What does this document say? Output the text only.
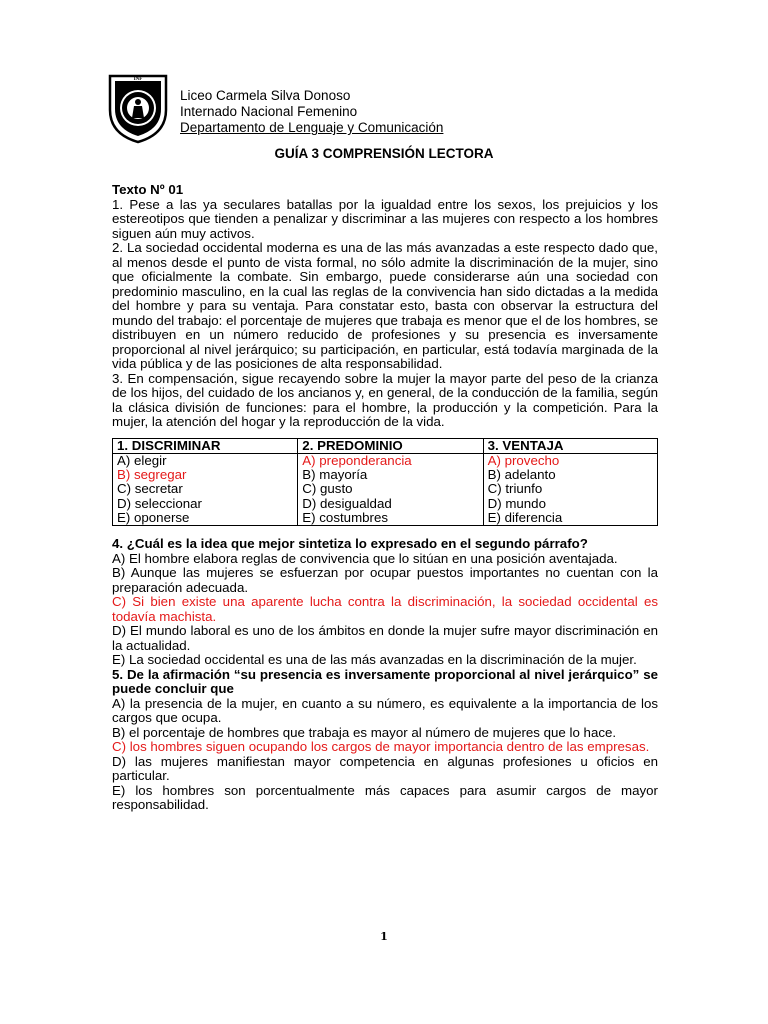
INF
Liceo Carmela Silva Donoso
Internado Nacional Femenino
Departamento de Lenguaje y Comunicación
GUÍA 3 COMPRENSIÓN LECTORA

Texto Nº 01

1. Pese a las ya seculares batallas por la igualdad entre los sexos, los prejuicios y los estereotipos que tienden a penalizar y discriminar a las mujeres con respecto a los hombres siguen aún muy activos.

2. La sociedad occidental moderna es una de las más avanzadas a este respecto dado que, al menos desde el punto de vista formal, no sólo admite la discriminación de la mujer, sino que oficialmente la combate. Sin embargo, puede considerarse aún una sociedad con predominio masculino, en la cual las reglas de la convivencia han sido dictadas a la medida del hombre y para su ventaja. Para constatar esto, basta con observar la estructura del mundo del trabajo: el porcentaje de mujeres que trabaja es menor que el de los hombres, se distribuyen en un número reducido de profesiones y su presencia es inversamente proporcional al nivel jerárquico; su participación, en particular, está todavía marginada de la vida pública y de las posiciones de alta responsabilidad.

3. En compensación, sigue recayendo sobre la mujer la mayor parte del peso de la crianza de los hijos, del cuidado de los ancianos y, en general, de la conducción de la familia, según la clásica división de funciones: para el hombre, la producción y la competición. Para la mujer, la atención del hogar y la reproducción de la vida.

1. DISCRIMINAR	2. PREDOMINIO	3. VENTAJA
A) elegir	A) preponderancia	A) provecho
B) segregar	B) mayoría	B) adelanto
C) secretar	C) gusto	C) triunfo
D) seleccionar	D) desigualdad	D) mundo
E) oponerse	E) costumbres	E) diferencia

4. ¿Cuál es la idea que mejor sintetiza lo expresado en el segundo párrafo?

A) El hombre elabora reglas de convivencia que lo sitúan en una posición aventajada.

B) Aunque las mujeres se esfuerzan por ocupar puestos importantes no cuentan con la preparación adecuada.

C) Si bien existe una aparente lucha contra la discriminación, la sociedad occidental es todavía machista.

D) El mundo laboral es uno de los ámbitos en donde la mujer sufre mayor discriminación en la actualidad.

E) La sociedad occidental es una de las más avanzadas en la discriminación de la mujer.

5. De la afirmación “su presencia es inversamente proporcional al nivel jerárquico” se puede concluir que

A) la presencia de la mujer, en cuanto a su número, es equivalente a la importancia de los cargos que ocupa.

B) el porcentaje de hombres que trabaja es mayor al número de mujeres que lo hace.

C) los hombres siguen ocupando los cargos de mayor importancia dentro de las empresas.

D) las mujeres manifiestan mayor competencia en algunas profesiones u oficios en particular.

E) los hombres son porcentualmente más capaces para asumir cargos de mayor responsabilidad.

1
